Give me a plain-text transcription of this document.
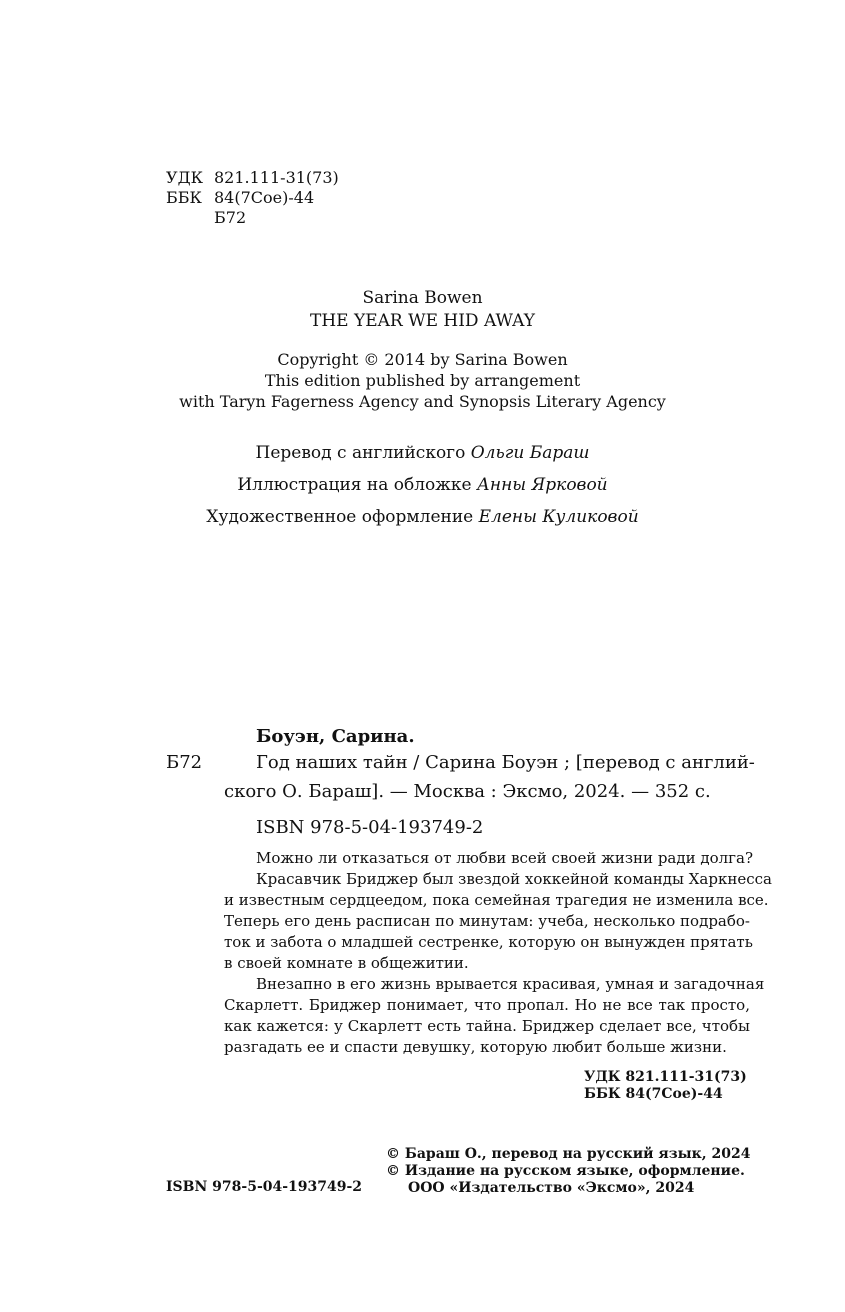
УДК 821.111-31(73)
ББК 84(7Сое)-44
Б72
Sarina Bowen
THE YEAR WE HID AWAY
Copyright © 2014 by Sarina Bowen
This edition published by arrangement
with Taryn Fagerness Agency and Synopsis Literary Agency
Перевод с английского Ольги Бараш
Иллюстрация на обложке Анны Ярковой
Художественное оформление Елены Куликовой
Боуэн, Сарина.
Б72	Год наших тайн / Сарина Боуэн ; [перевод с англий-
ского О. Бараш]. — Москва : Эксмо, 2024. — 352 с.
ISBN 978-5-04-193749-2
Можно ли отказаться от любви всей своей жизни ради долга?
Красавчик Бриджер был звездой хоккейной команды Харкнесса
и известным сердцеедом, пока семейная трагедия не изменила все.
Теперь его день расписан по минутам: учеба, несколько подрабо-
ток и забота о младшей сестренке, которую он вынужден прятать
в своей комнате в общежитии.
Внезапно в его жизнь врывается красивая, умная и загадочная
Скарлетт. Бриджер понимает, что пропал. Но не все так просто,
как кажется: у Скарлетт есть тайна. Бриджер сделает все, чтобы
разгадать ее и спасти девушку, которую любит больше жизни.
УДК 821.111-31(73)
ББК 84(7Сое)-44
ISBN 978-5-04-193749-2
© Бараш О., перевод на русский язык, 2024
© Издание на русском языке, оформление.
ООО «Издательство «Эксмо», 2024
